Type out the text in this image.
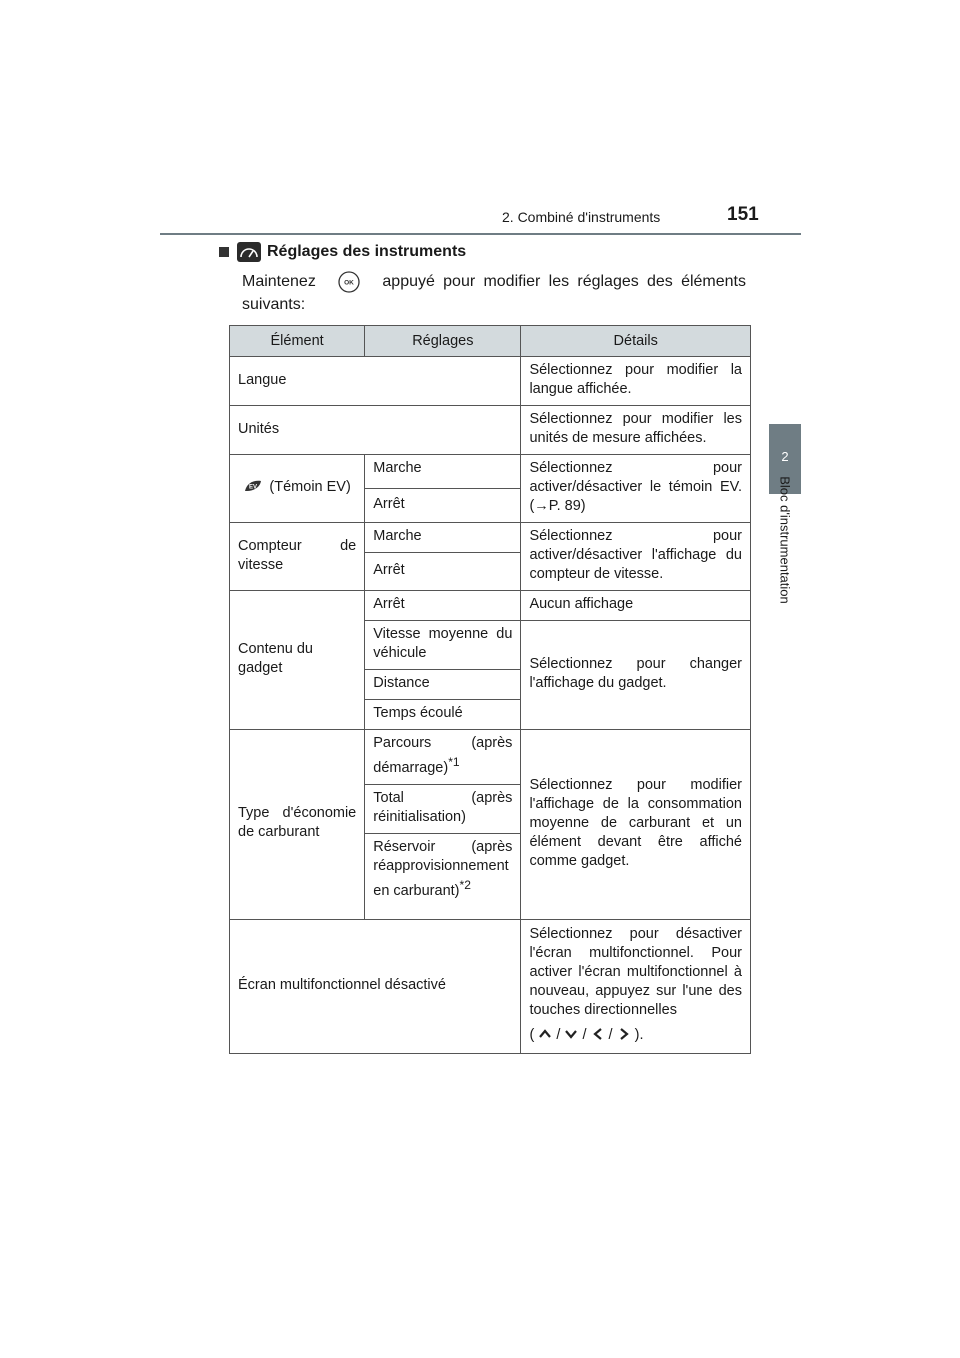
2. Combiné d'instruments	151
2
Bloc d'instrumentation
Réglages des instruments
Maintenez	OK appuyé pour modifier les réglages des éléments suivants:
Élément	Réglages	Détails
Langue		Sélectionnez pour modifier la langue affichée.
Unités		Sélectionnez pour modifier les unités de mesure affichées.

EV (Témoin EV)	Marche	Sélectionnez pour activer/désactiver le témoin EV. (→P. 89)
	Arrêt	
Compteur de vitesse	Marche	Sélectionnez pour activer/désactiver l'affichage du compteur de vitesse.
	Arrêt	
Contenu du gadget	Arrêt	Aucun affichage
	Vitesse moyenne du véhicule	Sélectionnez pour changer l'affichage du gadget.
	Distance	
	Temps écoulé	
Type d'économie de carburant	Parcours (après démarrage)$^{*1}$	Sélectionnez pour modifier l'affichage de la consommation moyenne de carburant et un élément devant être affiché comme gadget.
	Total (après réinitialisation)	
	Réservoir (après réapprovisionnement en carburant)$^{*2}$
Écran multifonctionnel désactivé		Sélectionnez pour désactiver l'écran multifonctionnel. Pour activer l'écran multifonctionnel à nouveau, appuyez sur l'une des touches directionnelles
( / / / ).
